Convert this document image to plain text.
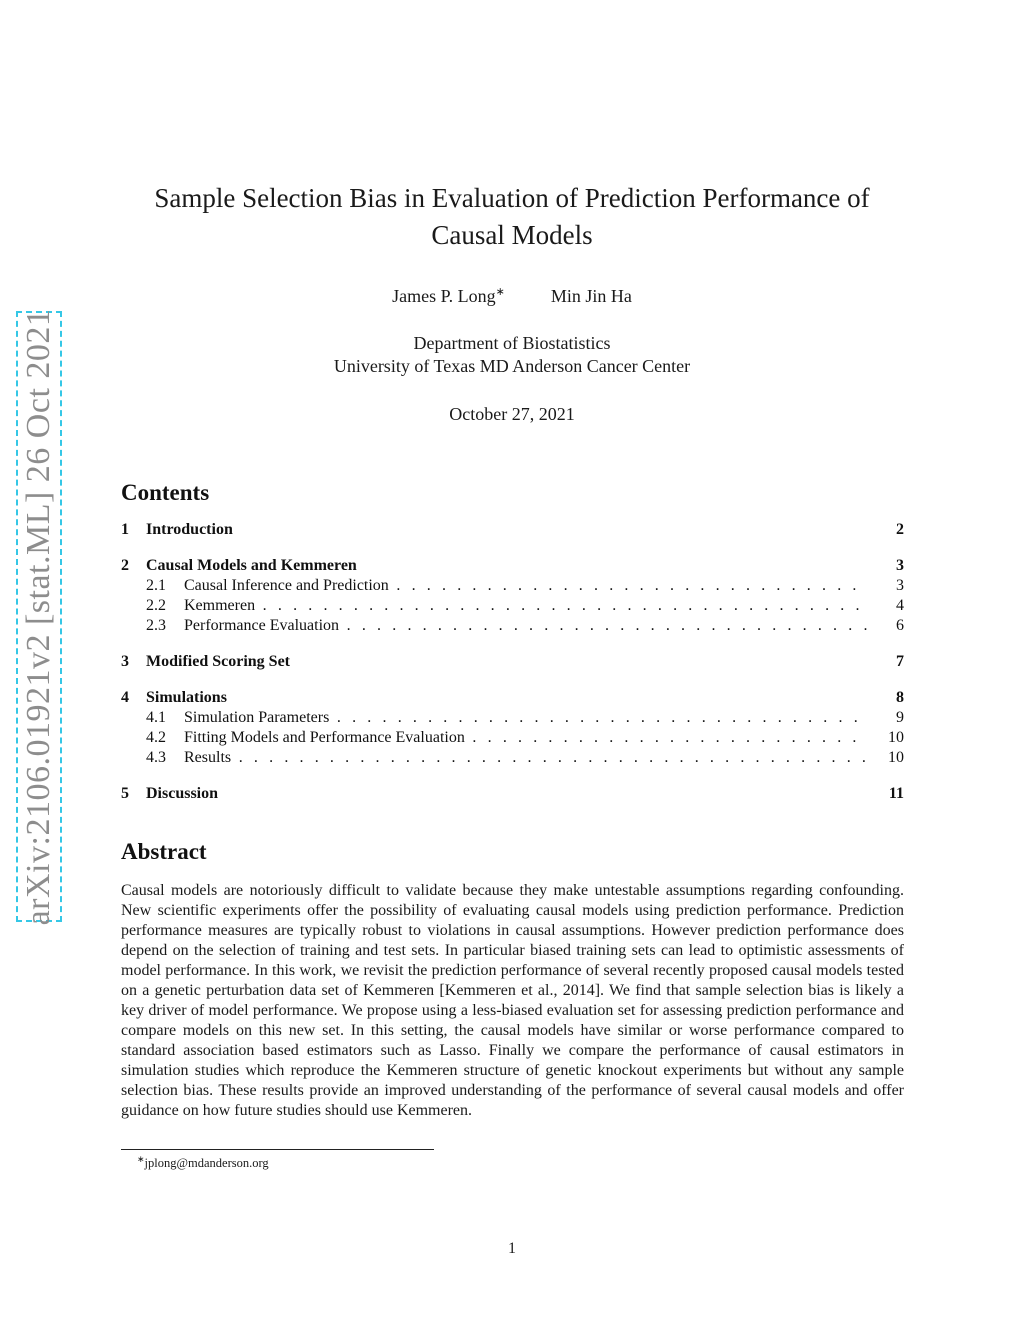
arXiv:2106.01921v2 [stat.ML] 26 Oct 2021
Sample Selection Bias in Evaluation of Prediction Performance of
Causal Models
James P. Long∗	Min Jin Ha
Department of Biostatistics
University of Texas MD Anderson Cancer Center
October 27, 2021
Contents
1 Introduction	2
2 Causal Models and Kemmeren	3
2.1 Causal Inference and Prediction . . .	3
2.2 Kemmeren . . .	4
2.3 Performance Evaluation . . .	6
3 Modified Scoring Set	7
4 Simulations	8
4.1 Simulation Parameters . . .	9
4.2 Fitting Models and Performance Evaluation . . .	10
4.3 Results . . .	10
5 Discussion	11
Abstract
Causal models are notoriously difficult to validate because they make untestable assumptions regarding confounding. New scientific experiments offer the possibility of evaluating causal models using prediction performance. Prediction performance measures are typically robust to violations in causal assumptions. However prediction performance does depend on the selection of training and test sets. In particular biased training sets can lead to optimistic assessments of model performance. In this work, we revisit the prediction performance of several recently proposed causal models tested on a genetic perturbation data set of Kemmeren [Kemmeren et al., 2014]. We find that sample selection bias is likely a key driver of model performance. We propose using a less-biased evaluation set for assessing prediction performance and compare models on this new set. In this setting, the causal models have similar or worse performance compared to standard association based estimators such as Lasso. Finally we compare the performance of causal estimators in simulation studies which reproduce the Kemmeren structure of genetic knockout experiments but without any sample selection bias. These results provide an improved understanding of the performance of several causal models and offer guidance on how future studies should use Kemmeren.
∗jplong@mdanderson.org
1
